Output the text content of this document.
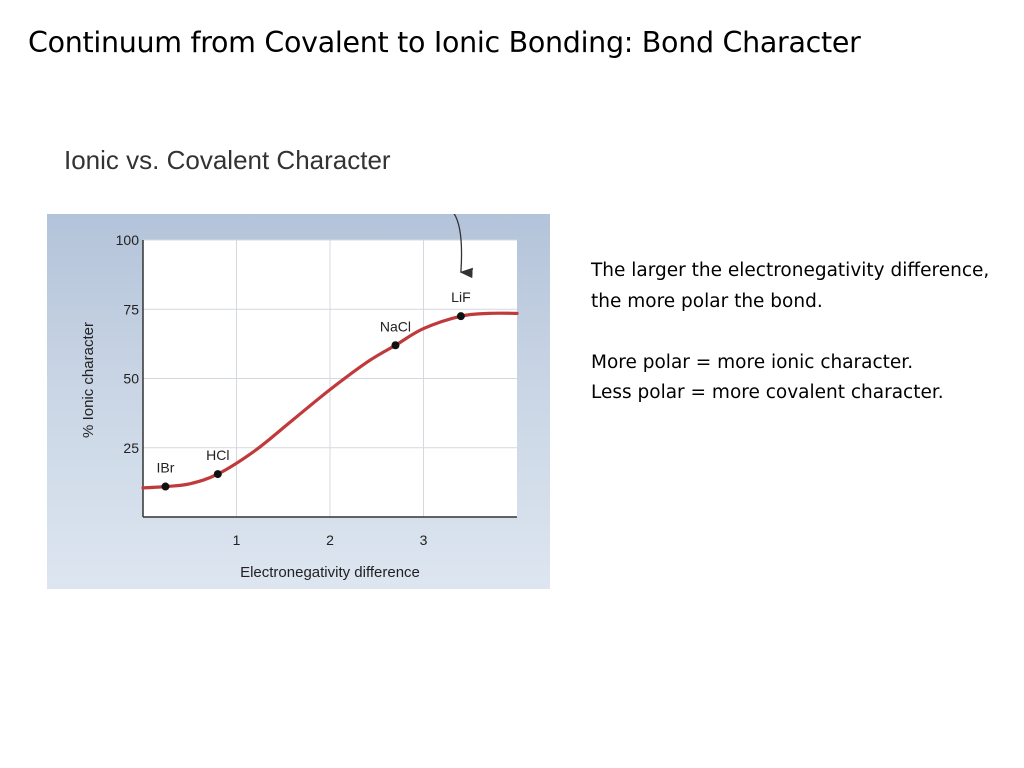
Continuum from Covalent to Ionic Bonding: Bond Character
Ionic vs. Covalent Character
1	2	3
25
50
75
100
IBr
HCl
NaCl
LiF
% Ionic character
Electronegativity difference

The larger the electronegativity difference, the more polar the bond.

More polar = more ionic character.

Less polar = more covalent character.
